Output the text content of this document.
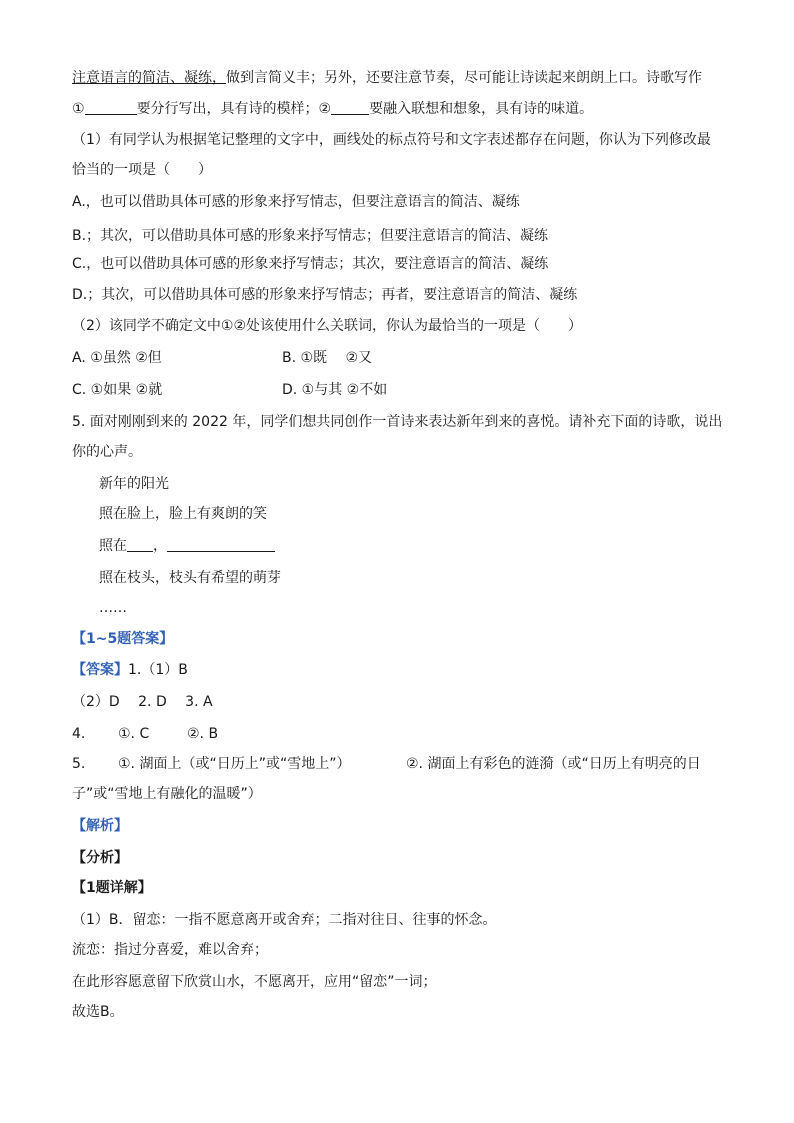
注意语言的简洁、凝练，做到言简义丰；另外，还要注意节奏，尽可能让诗读起来朗朗上口。诗歌写作
①	要分行写出，具有诗的模样；②	要融入联想和想象，具有诗的味道。
（1）有同学认为根据笔记整理的文字中，画线处的标点符号和文字表述都存在问题，你认为下列修改最
恰当的一项是（　　）
A.，也可以借助具体可感的形象来抒写情志，但要注意语言的简洁、凝练
B.；其次，可以借助具体可感的形象来抒写情志；但要注意语言的简洁、凝练
C.，也可以借助具体可感的形象来抒写情志；其次，要注意语言的简洁、凝练
D.；其次，可以借助具体可感的形象来抒写情志；再者，要注意语言的简洁、凝练
（2）该同学不确定文中①②处该使用什么关联词，你认为最恰当的一项是（　　）
A. ①虽然 ②但	B. ①既　 ②又
C. ①如果 ②就	D. ①与其 ②不如
5. 面对刚刚到来的 2022 年，同学们想共同创作一首诗来表达新年到来的喜悦。请补充下面的诗歌，说出
你的心声。
新年的阳光
照在脸上，脸上有爽朗的笑
照在 ，
照在枝头，枝头有希望的萌芽
……
【1~5题答案】
【答案】1.（1）B
（2）D　 2. D　 3. A
4. ①. C	②. B
5. ①. 湖面上（或“日历上”或“雪地上”）	②. 湖面上有彩色的涟漪（或“日历上有明亮的日
子”或“雪地上有融化的温暖”）
【解析】
【分析】
【1题详解】
（1）B．留恋：一指不愿意离开或舍弃；二指对往日、往事的怀念。
流恋：指过分喜爱，难以舍弃；
在此形容愿意留下欣赏山水，不愿离开，应用“留恋”一词；
故选B。
